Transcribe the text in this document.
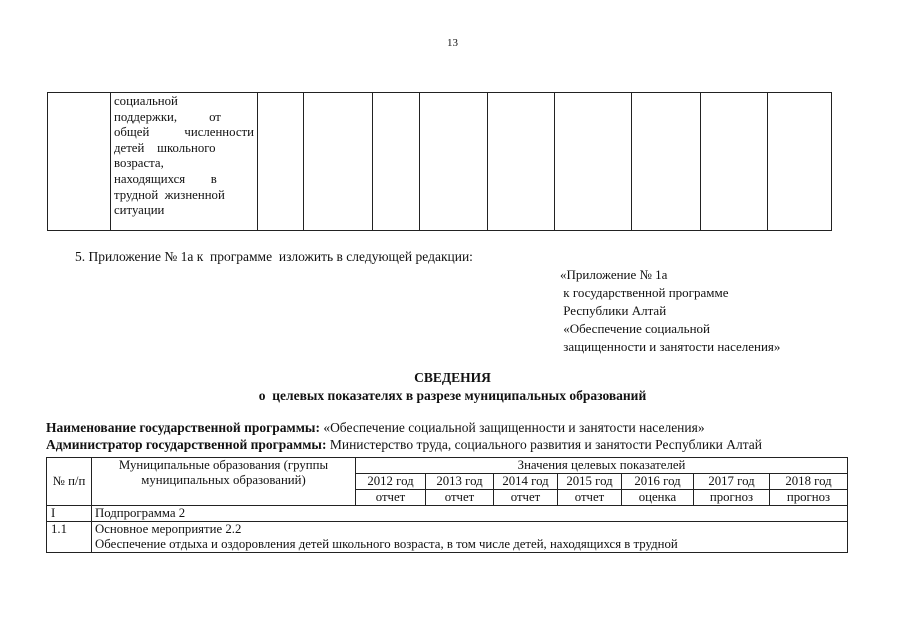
13

социальной
поддержки,          от
общей численности
детей    школьного
возраста,
находящихся        в
трудной  жизненной
ситуации

5. Приложение № 1а к  программе  изложить в следующей редакции:
«Приложение № 1а
к государственной программе
Республики Алтай
«Обеспечение социальной
защищенности и занятости населения»
СВЕДЕНИЯ
о  целевых показателях в разрезе муниципальных образований
Наименование государственной программы: «Обеспечение социальной защищенности и занятости населения»
Администратор государственной программы: Министерство труда, социального развития и занятости Республики Алтай
№ п/п	Муниципальные образования (группы муниципальных образований)	Значения целевых показателей						
		2012 год	2013 год	2014 год	2015 год	2016 год	2017 год	2018 год
		отчет	отчет	отчет	отчет	оценка	прогноз	прогноз
I	Подпрограмма 2							
1.1	Основное мероприятие 2.2
Обеспечение отдыха и оздоровления детей школьного возраста, в том числе детей, находящихся в трудной							
